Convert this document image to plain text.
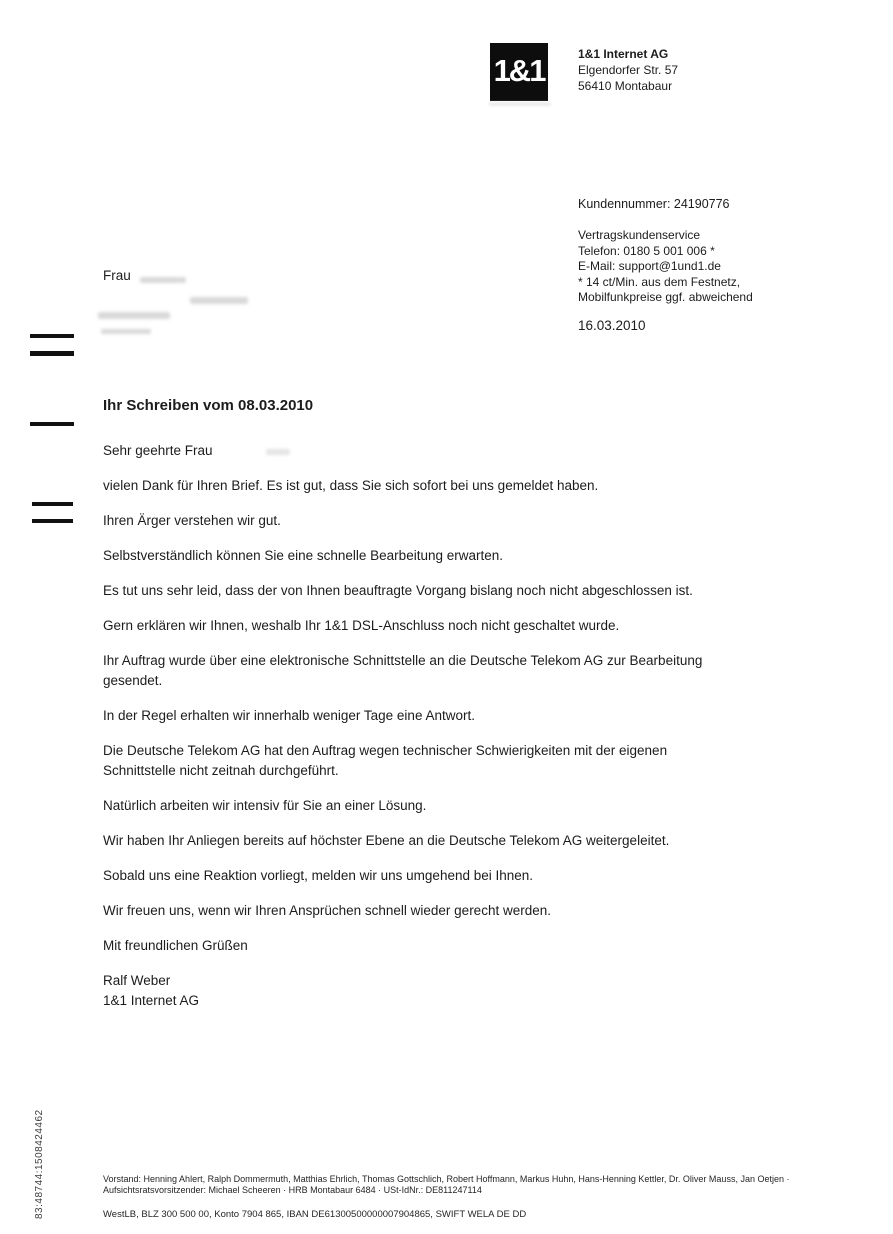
1&1	1&1 Internet AG
Elgendorfer Str. 57
56410 Montabaur
Kundennummer: 24190776
Vertragskundenservice
Telefon: 0180 5 001 006 *
E-Mail: support@1und1.de
* 14 ct/Min. aus dem Festnetz,
Mobilfunkpreise ggf. abweichend
16.03.2010
Frau
Ihr Schreiben vom 08.03.2010

Sehr geehrte Frau

vielen Dank für Ihren Brief. Es ist gut, dass Sie sich sofort bei uns gemeldet haben.

Ihren Ärger verstehen wir gut.

Selbstverständlich können Sie eine schnelle Bearbeitung erwarten.

Es tut uns sehr leid, dass der von Ihnen beauftragte Vorgang bislang noch nicht abgeschlossen ist.

Gern erklären wir Ihnen, weshalb Ihr 1&1 DSL-Anschluss noch nicht geschaltet wurde.

Ihr Auftrag wurde über eine elektronische Schnittstelle an die Deutsche Telekom AG zur Bearbeitung gesendet.

In der Regel erhalten wir innerhalb weniger Tage eine Antwort.

Die Deutsche Telekom AG hat den Auftrag wegen technischer Schwierigkeiten mit der eigenen Schnittstelle nicht zeitnah durchgeführt.

Natürlich arbeiten wir intensiv für Sie an einer Lösung.

Wir haben Ihr Anliegen bereits auf höchster Ebene an die Deutsche Telekom AG weitergeleitet.

Sobald uns eine Reaktion vorliegt, melden wir uns umgehend bei Ihnen.

Wir freuen uns, wenn wir Ihren Ansprüchen schnell wieder gerecht werden.

Mit freundlichen Grüßen

Ralf Weber

1&1 Internet AG

83:48744:1508424462	Vorstand: Henning Ahlert, Ralph Dommermuth, Matthias Ehrlich, Thomas Gottschlich, Robert Hoffmann, Markus Huhn, Hans-Henning Kettler, Dr. Oliver Mauss, Jan Oetjen ·
Aufsichtsratsvorsitzender: Michael Scheeren · HRB Montabaur 6484 · USt-IdNr.: DE811247114
WestLB, BLZ 300 500 00, Konto 7904 865, IBAN DE61300500000007904865, SWIFT WELA DE DD
